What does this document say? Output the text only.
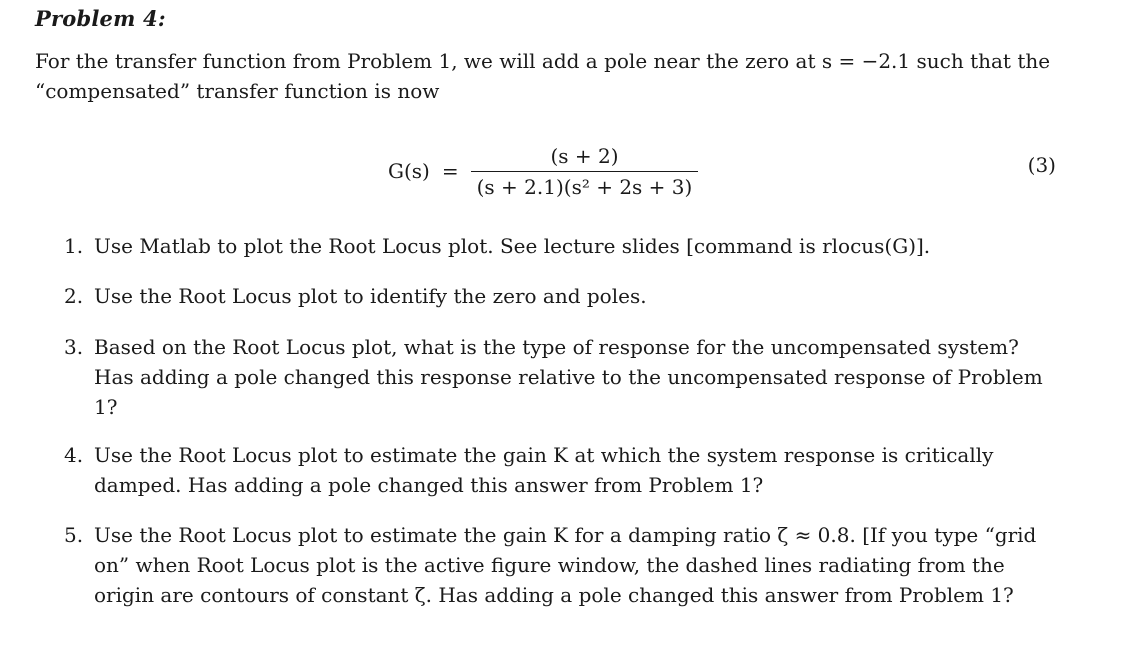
Problem 4:
For the transfer function from Problem 1, we will add a pole near the zero at s = −2.1 such that the “compensated” transfer function is now
$G(s) = \frac{(s + 2)}{\text{(s + 2.1)(s² + 2s + 3)}}$	(3)
1. Use Matlab to plot the Root Locus plot. See lecture slides [command is rlocus(G)].
2. Use the Root Locus plot to identify the zero and poles.
3. Based on the Root Locus plot, what is the type of response for the uncompensated system? Has adding a pole changed this response relative to the uncompensated response of Problem 1?
4. Use the Root Locus plot to estimate the gain K at which the system response is critically damped. Has adding a pole changed this answer from Problem 1?
5. Use the Root Locus plot to estimate the gain K for a damping ratio ζ ≈ 0.8. [If you type “grid on” when Root Locus plot is the active figure window, the dashed lines radiating from the origin are contours of constant ζ. Has adding a pole changed this answer from Problem 1?
